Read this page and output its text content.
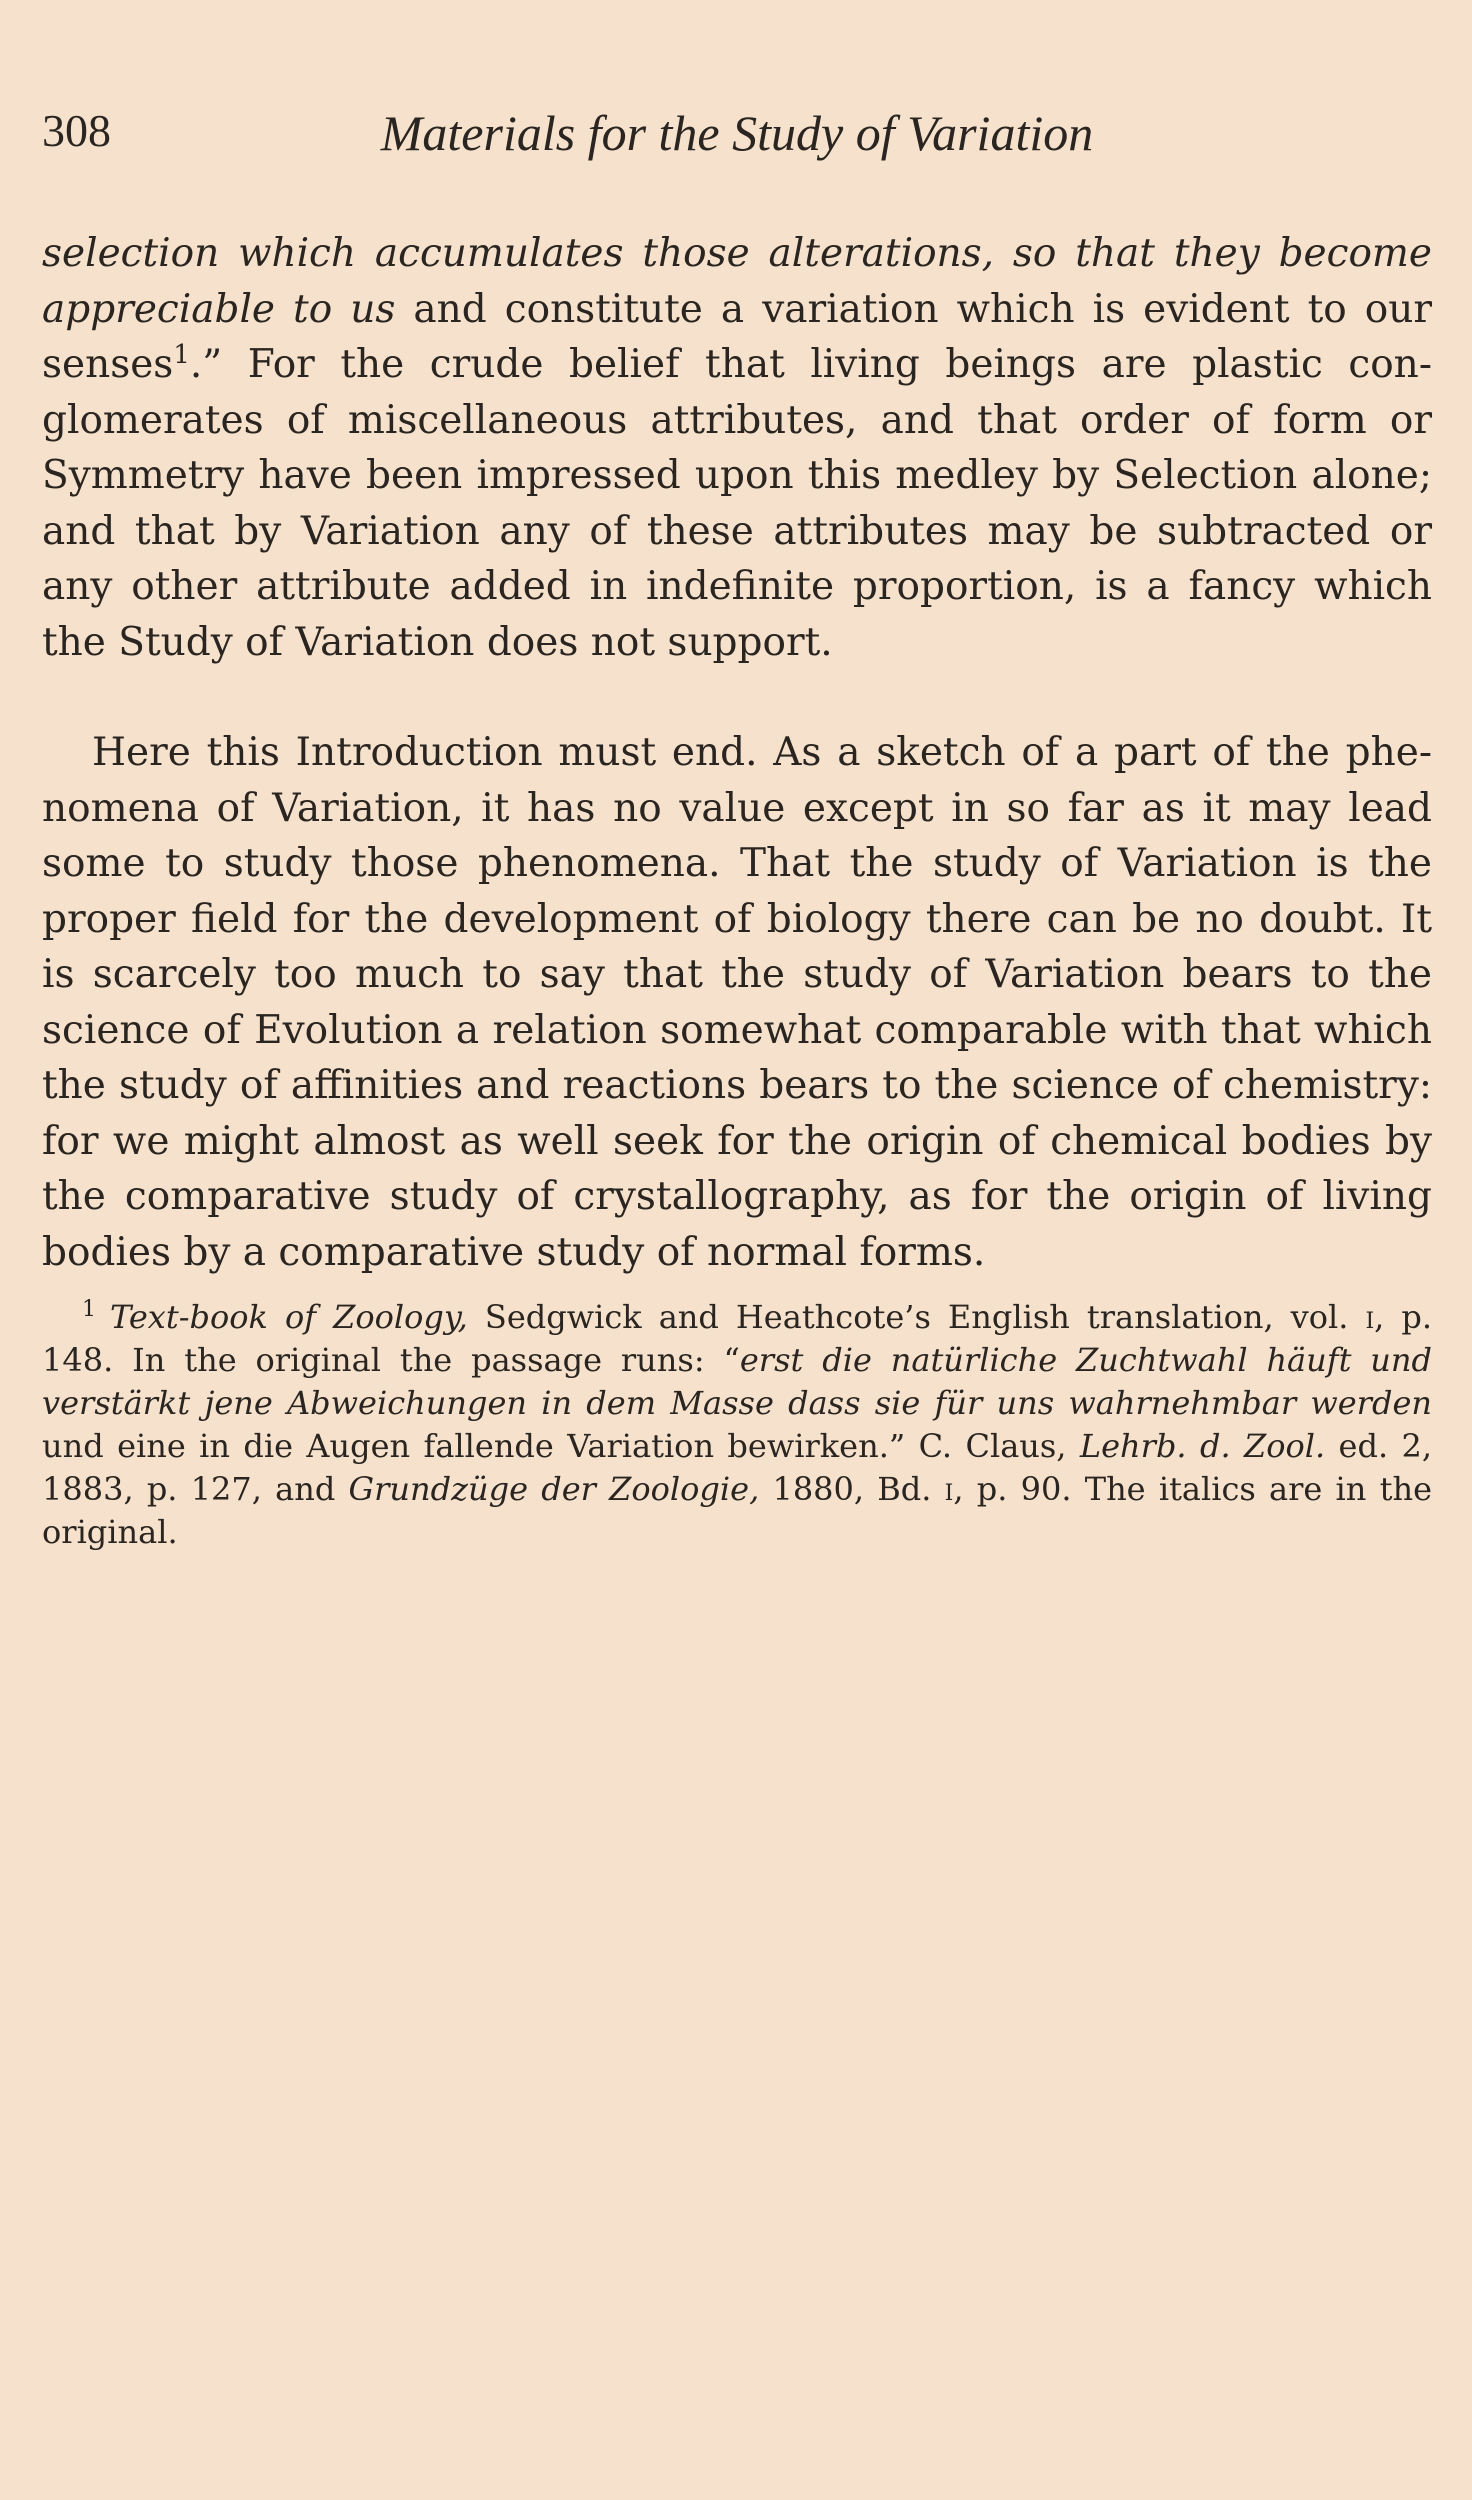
308	Materials for the Study of Variation

selection which accumulates those alterations, so that they become appreciable to us and constitute a variation which is evident to our senses$^1$.” For the crude belief that living beings are plastic conglomerates of miscellaneous attributes, and that order of form or Symmetry have been impressed upon this medley by Selection alone; and that by Variation any of these attributes may be subtracted or any other attribute added in indefinite proportion, is a fancy which the Study of Variation does not support.

Here this Introduction must end. As a sketch of a part of the phenomena of Variation, it has no value except in so far as it may lead some to study those phenomena. That the study of Variation is the proper field for the development of biology there can be no doubt. It is scarcely too much to say that the study of Variation bears to the science of Evolution a relation somewhat comparable with that which the study of affinities and reactions bears to the science of chemistry: for we might almost as well seek for the origin of chemical bodies by the comparative study of crystallography, as for the origin of living bodies by a comparative study of normal forms.

$^1$ Text-book of Zoology, Sedgwick and Heathcote’s English translation, vol. i, p. 148. In the original the passage runs: “erst die natürliche Zuchtwahl häuft und verstärkt jene Abweichungen in dem Masse dass sie für uns wahrnehmbar werden und eine in die Augen fallende Variation bewirken.” C. Claus, Lehrb. d. Zool. ed. 2, 1883, p. 127, and Grundzüge der Zoologie, 1880, Bd. i, p. 90. The italics are in the original.
